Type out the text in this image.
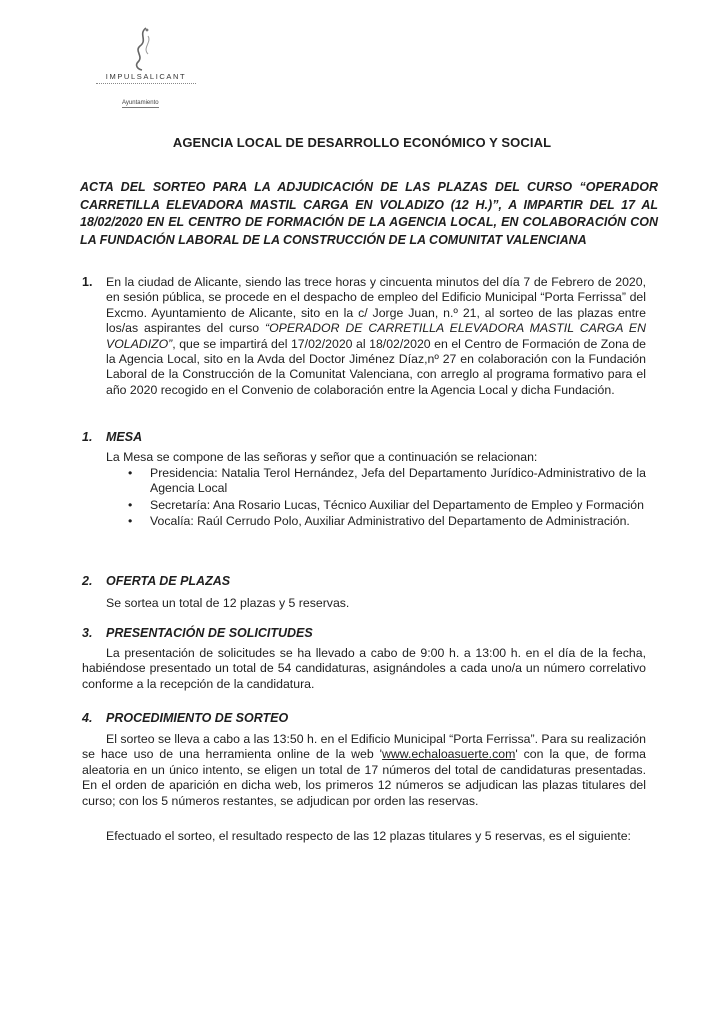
IMPULSALICANT
Ayuntamiento
AGENCIA LOCAL DE DESARROLLO ECONÓMICO Y SOCIAL
ACTA DEL SORTEO PARA LA ADJUDICACIÓN DE LAS PLAZAS DEL CURSO “OPERADOR CARRETILLA ELEVADORA MASTIL CARGA EN VOLADIZO (12 H.)”, A IMPARTIR DEL 17 AL 18/02/2020 EN EL CENTRO DE FORMACIÓN DE LA AGENCIA LOCAL, EN COLABORACIÓN CON LA FUNDACIÓN LABORAL DE LA CONSTRUCCIÓN DE LA COMUNITAT VALENCIANA
1. En la ciudad de Alicante, siendo las trece horas y cincuenta minutos del día 7 de Febrero de 2020, en sesión pública, se procede en el despacho de empleo del Edificio Municipal “Porta Ferrissa” del Excmo. Ayuntamiento de Alicante, sito en la c/ Jorge Juan, n.º 21, al sorteo de las plazas entre los/as aspirantes del curso “OPERADOR DE CARRETILLA ELEVADORA MASTIL CARGA EN VOLADIZO”, que se impartirá del 17/02/2020 al 18/02/2020 en el Centro de Formación de Zona de la Agencia Local, sito en la Avda del Doctor Jiménez Díaz,nº 27 en colaboración con la Fundación Laboral de la Construcción de la Comunitat Valenciana, con arreglo al programa formativo para el año 2020 recogido en el Convenio de colaboración entre la Agencia Local y dicha Fundación.
1. MESA
La Mesa se compone de las señoras y señor que a continuación se relacionan:
• Presidencia: Natalia Terol Hernández, Jefa del Departamento Jurídico-Administrativo de la Agencia Local
• Secretaría: Ana Rosario Lucas, Técnico Auxiliar del Departamento de Empleo y Formación
• Vocalía: Raúl Cerrudo Polo, Auxiliar Administrativo del Departamento de Administración.
2. OFERTA DE PLAZAS
Se sortea un total de 12 plazas y 5 reservas.
3. PRESENTACIÓN DE SOLICITUDES
La presentación de solicitudes se ha llevado a cabo de 9:00 h. a 13:00 h. en el día de la fecha, habiéndose presentado un total de 54 candidaturas, asignándoles a cada uno/a un número correlativo conforme a la recepción de la candidatura.
4. PROCEDIMIENTO DE SORTEO
El sorteo se lleva a cabo a las 13:50 h. en el Edificio Municipal “Porta Ferrissa”. Para su realización se hace uso de una herramienta online de la web 'www.echaloasuerte.com' con la que, de forma aleatoria en un único intento, se eligen un total de 17 números del total de candidaturas presentadas. En el orden de aparición en dicha web, los primeros 12 números se adjudican las plazas titulares del curso; con los 5 números restantes, se adjudican por orden las reservas.
Efectuado el sorteo, el resultado respecto de las 12 plazas titulares y 5 reservas, es el siguiente:
